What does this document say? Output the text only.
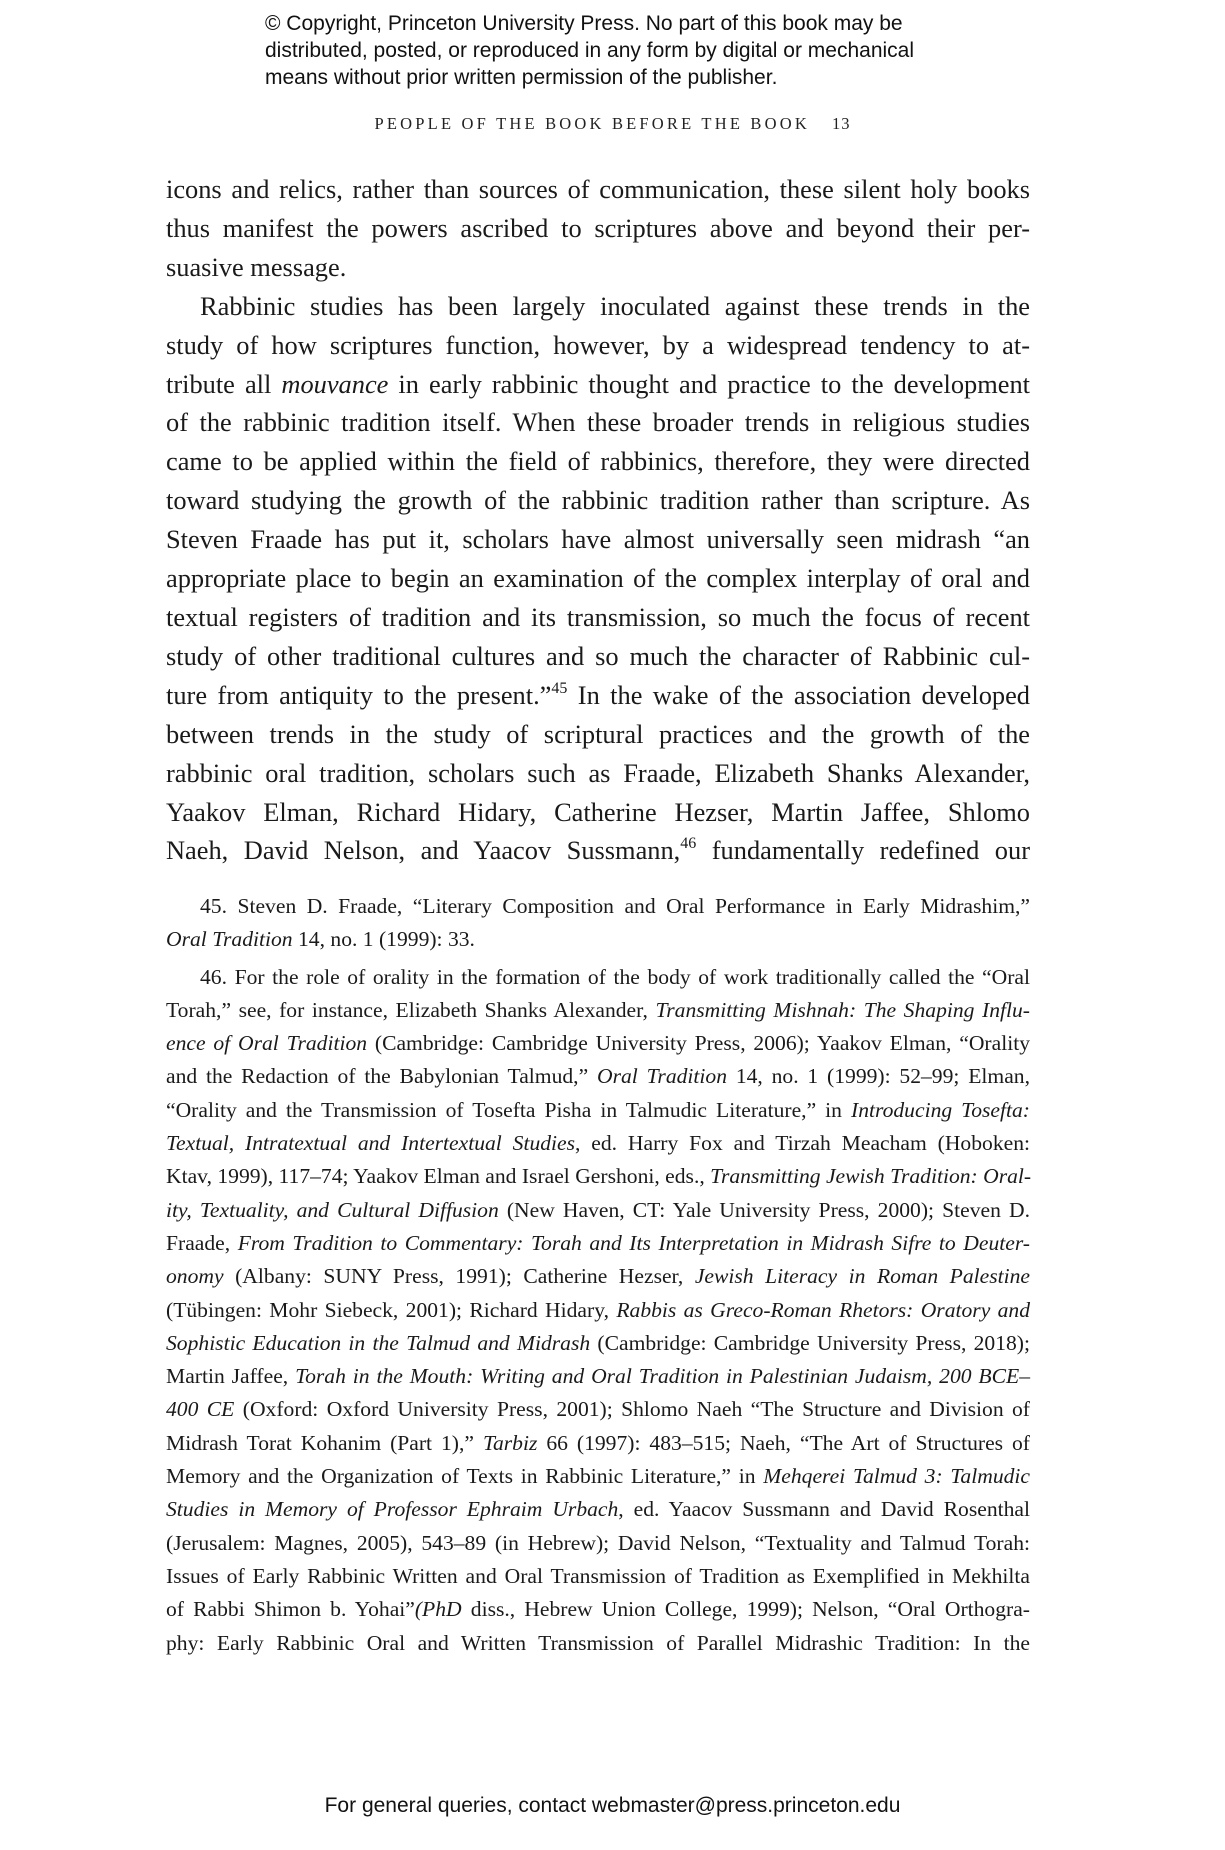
© Copyright, Princeton University Press. No part of this book may be
distributed, posted, or reproduced in any form by digital or mechanical
means without prior written permission of the publisher.
PEOPLE OF THE BOOK BEFORE THE BOOK 13
icons and relics, rather than sources of communication, these silent holy books
thus manifest the powers ascribed to scriptures above and beyond their per-
suasive message.
Rabbinic studies has been largely inoculated against these trends in the
study of how scriptures function, however, by a widespread tendency to at-
tribute all mouvance in early rabbinic thought and practice to the development
of the rabbinic tradition itself. When these broader trends in religious studies
came to be applied within the field of rabbinics, therefore, they were directed
toward studying the growth of the rabbinic tradition rather than scripture. As
Steven Fraade has put it, scholars have almost universally seen midrash “an
appropriate place to begin an examination of the complex interplay of oral and
textual registers of tradition and its transmission, so much the focus of recent
study of other traditional cultures and so much the character of Rabbinic cul-
ture from antiquity to the present.”$^{45}$ In the wake of the association developed
between trends in the study of scriptural practices and the growth of the
rabbinic oral tradition, scholars such as Fraade, Elizabeth Shanks Alexander,
Yaakov Elman, Richard Hidary, Catherine Hezser, Martin Jaffee, Shlomo
Naeh, David Nelson, and Yaacov Sussmann,$^{46}$ fundamentally redefined our
45. Steven D. Fraade, “Literary Composition and Oral Performance in Early Midrashim,”
Oral Tradition 14, no. 1 (1999): 33.
46. For the role of orality in the formation of the body of work traditionally called the “Oral
Torah,” see, for instance, Elizabeth Shanks Alexander, Transmitting Mishnah: The Shaping Influ-
ence of Oral Tradition (Cambridge: Cambridge University Press, 2006); Yaakov Elman, “Orality
and the Redaction of the Babylonian Talmud,” Oral Tradition 14, no. 1 (1999): 52–99; Elman,
“Orality and the Transmission of Tosefta Pisha in Talmudic Literature,” in Introducing Tosefta:
Textual, Intratextual and Intertextual Studies, ed. Harry Fox and Tirzah Meacham (Hoboken:
Ktav, 1999), 117–74; Yaakov Elman and Israel Gershoni, eds., Transmitting Jewish Tradition: Oral-
ity, Textuality, and Cultural Diffusion (New Haven, CT: Yale University Press, 2000); Steven D.
Fraade, From Tradition to Commentary: Torah and Its Interpretation in Midrash Sifre to Deuter-
onomy (Albany: SUNY Press, 1991); Catherine Hezser, Jewish Literacy in Roman Palestine
(Tübingen: Mohr Siebeck, 2001); Richard Hidary, Rabbis as Greco-Roman Rhetors: Oratory and
Sophistic Education in the Talmud and Midrash (Cambridge: Cambridge University Press, 2018);
Martin Jaffee, Torah in the Mouth: Writing and Oral Tradition in Palestinian Judaism, 200 BCE–
400 CE (Oxford: Oxford University Press, 2001); Shlomo Naeh “The Structure and Division of
Midrash Torat Kohanim (Part 1),” Tarbiz 66 (1997): 483–515; Naeh, “The Art of Structures of
Memory and the Organization of Texts in Rabbinic Literature,” in Mehqerei Talmud 3: Talmudic
Studies in Memory of Professor Ephraim Urbach, ed. Yaacov Sussmann and David Rosenthal
(Jerusalem: Magnes, 2005), 543–89 (in Hebrew); David Nelson, “Textuality and Talmud Torah:
Issues of Early Rabbinic Written and Oral Transmission of Tradition as Exemplified in Mekhilta
of Rabbi Shimon b. Yohai”(PhD diss., Hebrew Union College, 1999); Nelson, “Oral Orthogra-
phy: Early Rabbinic Oral and Written Transmission of Parallel Midrashic Tradition: In the
For general queries, contact webmaster@press.princeton.edu
